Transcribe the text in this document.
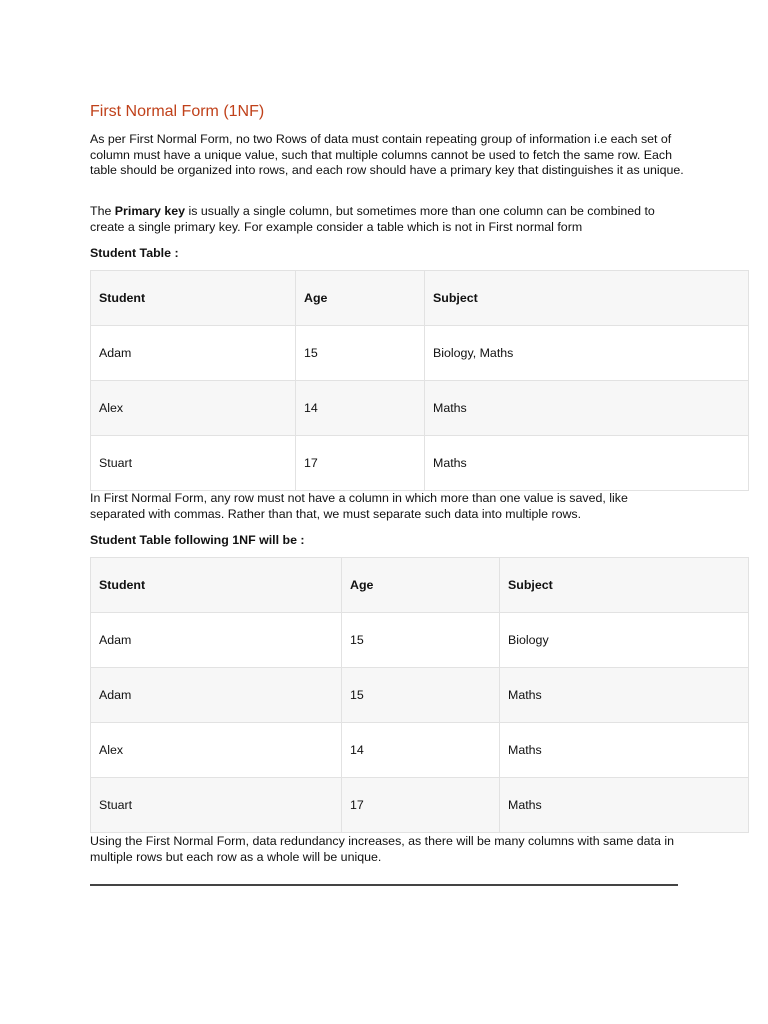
First Normal Form (1NF)

As per First Normal Form, no two Rows of data must contain repeating group of information i.e each set of column must have a unique value, such that multiple columns cannot be used to fetch the same row. Each table should be organized into rows, and each row should have a primary key that distinguishes it as unique.

The Primary key is usually a single column, but sometimes more than one column can be combined to create a single primary key. For example consider a table which is not in First normal form

Student Table :

Student	Age	Subject
Adam	15	Biology, Maths
Alex	14	Maths
Stuart	17	Maths

In First Normal Form, any row must not have a column in which more than one value is saved, like separated with commas. Rather than that, we must separate such data into multiple rows.

Student Table following 1NF will be :

Student	Age	Subject
Adam	15	Biology
Adam	15	Maths
Alex	14	Maths
Stuart	17	Maths

Using the First Normal Form, data redundancy increases, as there will be many columns with same data in multiple rows but each row as a whole will be unique.
